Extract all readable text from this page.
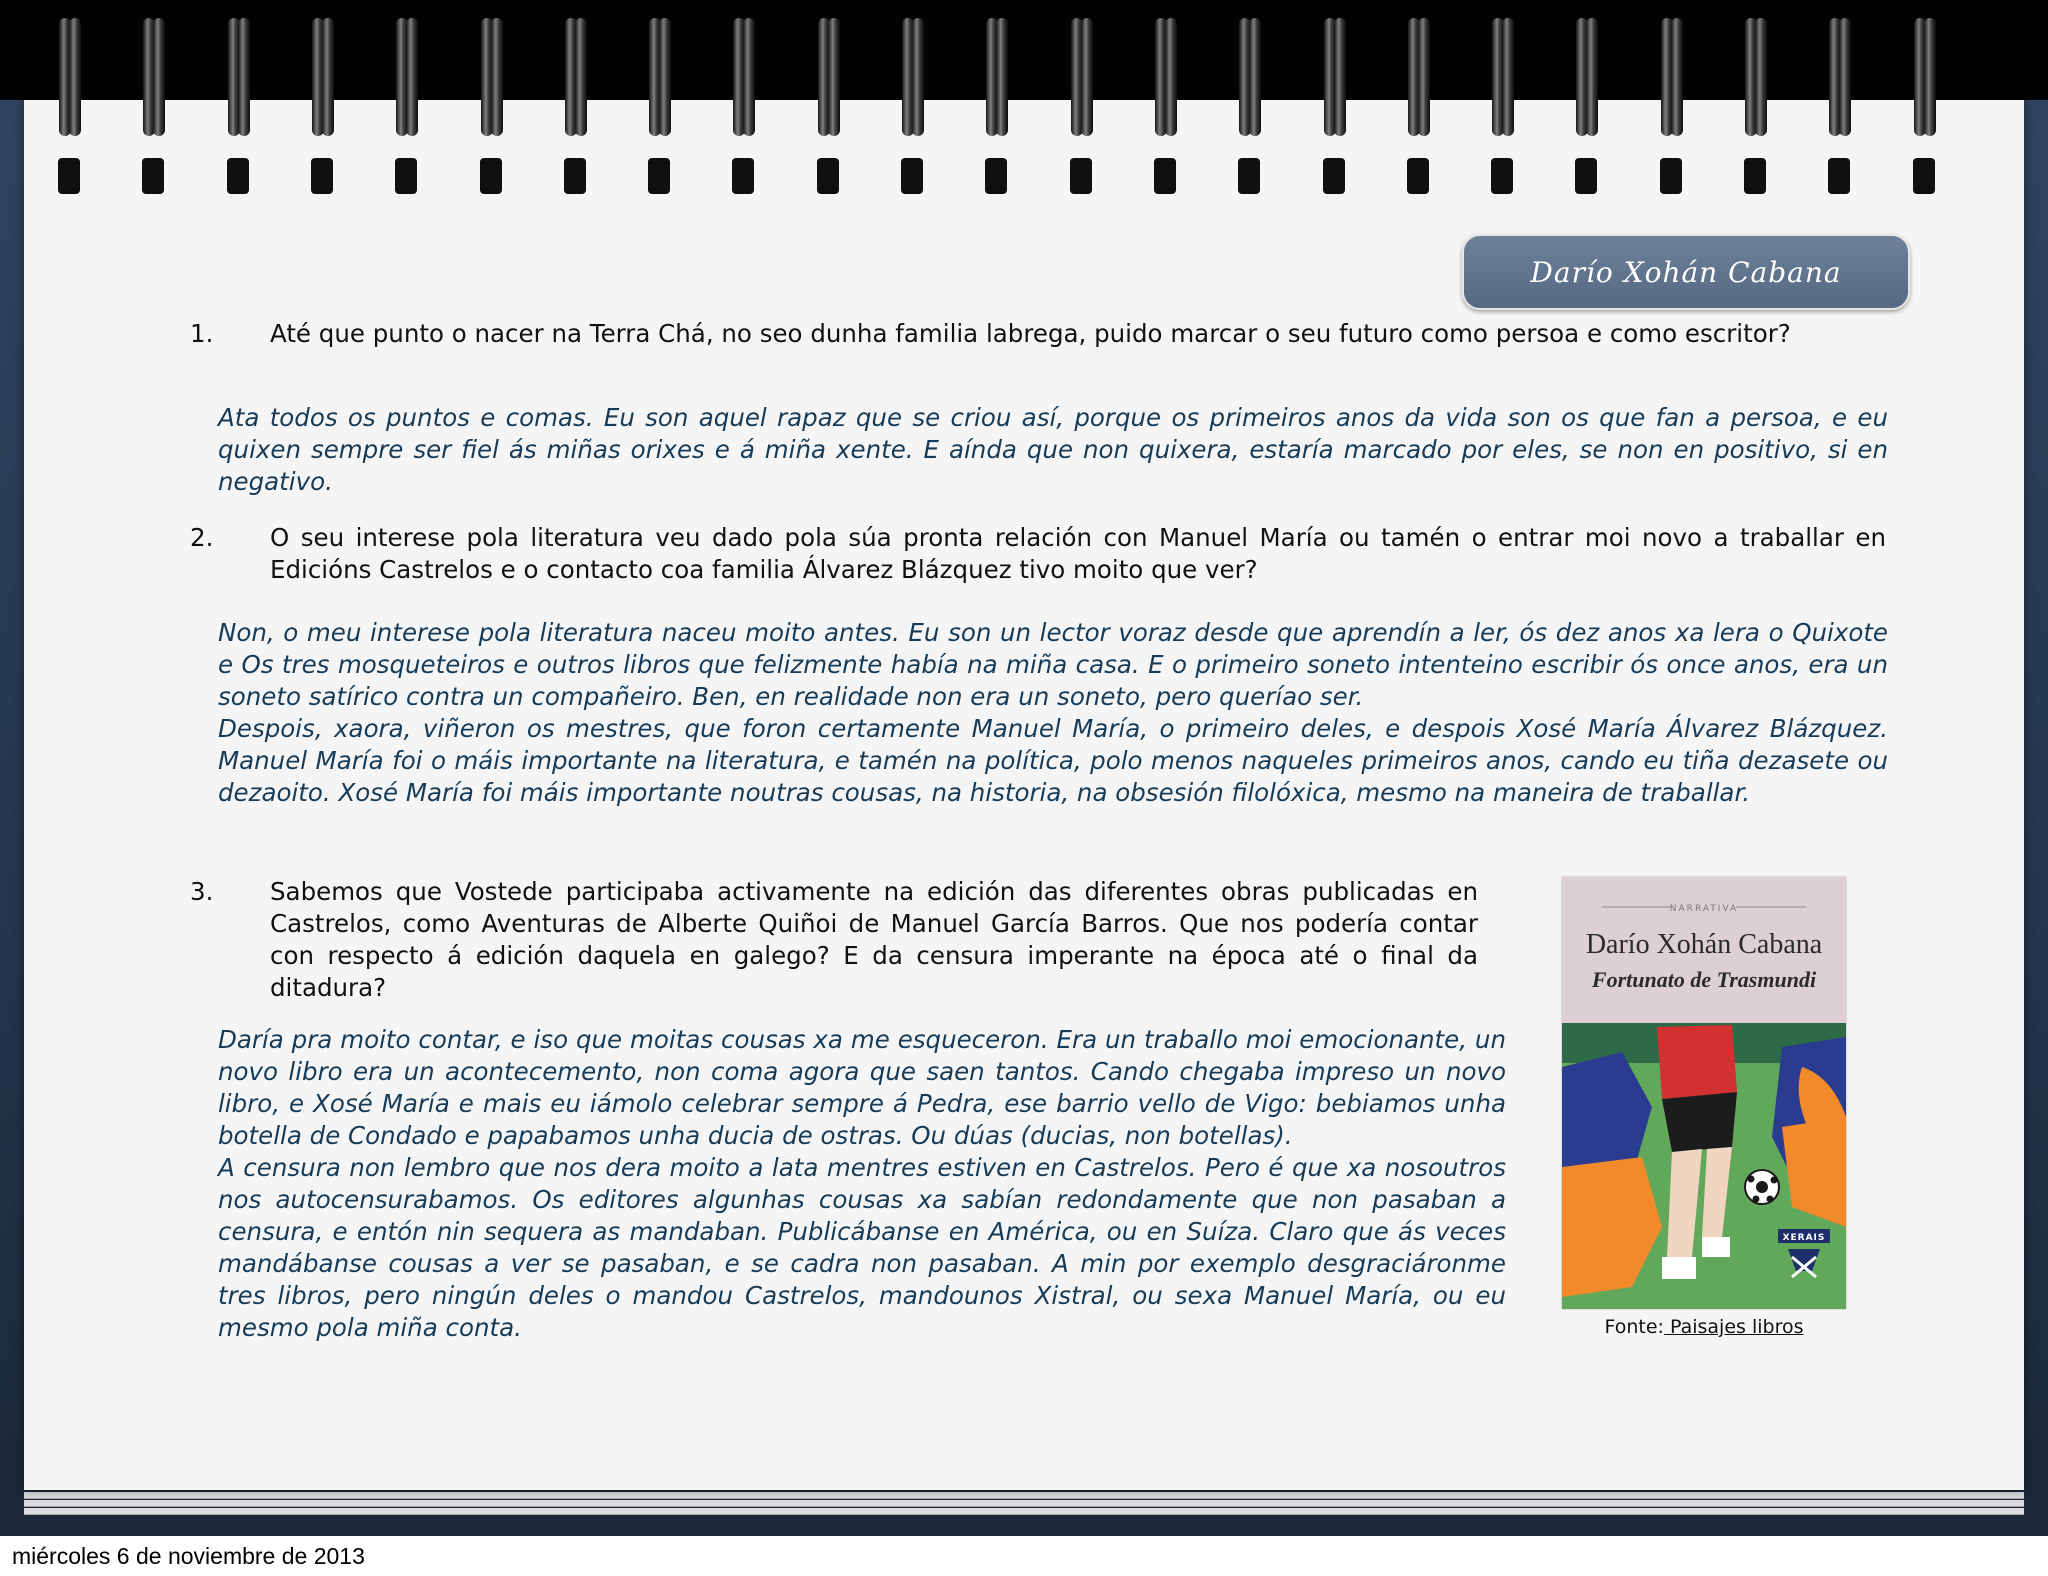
Darío Xohán Cabana
1. Até que punto o nacer na Terra Chá, no seo dunha familia labrega, puido marcar o seu futuro como persoa e como escritor?

Ata todos os puntos e comas. Eu son aquel rapaz que se criou así, porque os primeiros anos da vida son os que fan a persoa, e eu quixen sempre ser fiel ás miñas orixes e á miña xente. E aínda que non quixera, estaría marcado por eles, se non en positivo, si en negativo.

2. O seu interese pola literatura veu dado pola súa pronta relación con Manuel María ou tamén o entrar moi novo a traballar en Edicións Castrelos e o contacto coa familia Álvarez Blázquez tivo moito que ver?

Non, o meu interese pola literatura naceu moito antes. Eu son un lector voraz desde que aprendín a ler, ós dez anos xa lera o Quixote e Os tres mosqueteiros e outros libros que felizmente había na miña casa. E o primeiro soneto intenteino escribir ós once anos, era un soneto satírico contra un compañeiro. Ben, en realidade non era un soneto, pero queríao ser.

Despois, xaora, viñeron os mestres, que foron certamente Manuel María, o primeiro deles, e despois Xosé María Álvarez Blázquez. Manuel María foi o máis importante na literatura, e tamén na política, polo menos naqueles primeiros anos, cando eu tiña dezasete ou dezaoito. Xosé María foi máis importante noutras cousas, na historia, na obsesión filolóxica, mesmo na maneira de traballar.

3. Sabemos que Vostede participaba activamente na edición das diferentes obras publicadas en Castrelos, como Aventuras de Alberte Quiñoi de Manuel García Barros. Que nos podería contar con respecto á edición daquela en galego? E da censura imperante na época até o final da ditadura?

Daría pra moito contar, e iso que moitas cousas xa me esqueceron. Era un traballo moi emocionante, un novo libro era un acontecemento, non coma agora que saen tantos. Cando chegaba impreso un novo libro, e Xosé María e mais eu iámolo celebrar sempre á Pedra, ese barrio vello de Vigo: bebiamos unha botella de Condado e papabamos unha ducia de ostras. Ou dúas (ducias, non botellas).

A censura non lembro que nos dera moito a lata mentres estiven en Castrelos. Pero é que xa nosoutros nos autocensurabamos. Os editores algunhas cousas xa sabían redondamente que non pasaban a censura, e entón nin sequera as mandaban. Publicábanse en América, ou en Suíza. Claro que ás veces mandábanse cousas a ver se pasaban, e se cadra non pasaban. A min por exemplo desgraciáronme tres libros, pero ningún deles o mandou Castrelos, mandounos Xistral, ou sexa Manuel María, ou eu mesmo pola miña conta.

NARRATIVA
Darío Xohán Cabana
Fortunato de Trasmundi
XERAIS
Fonte: Paisajes libros
miércoles 6 de noviembre de 2013
